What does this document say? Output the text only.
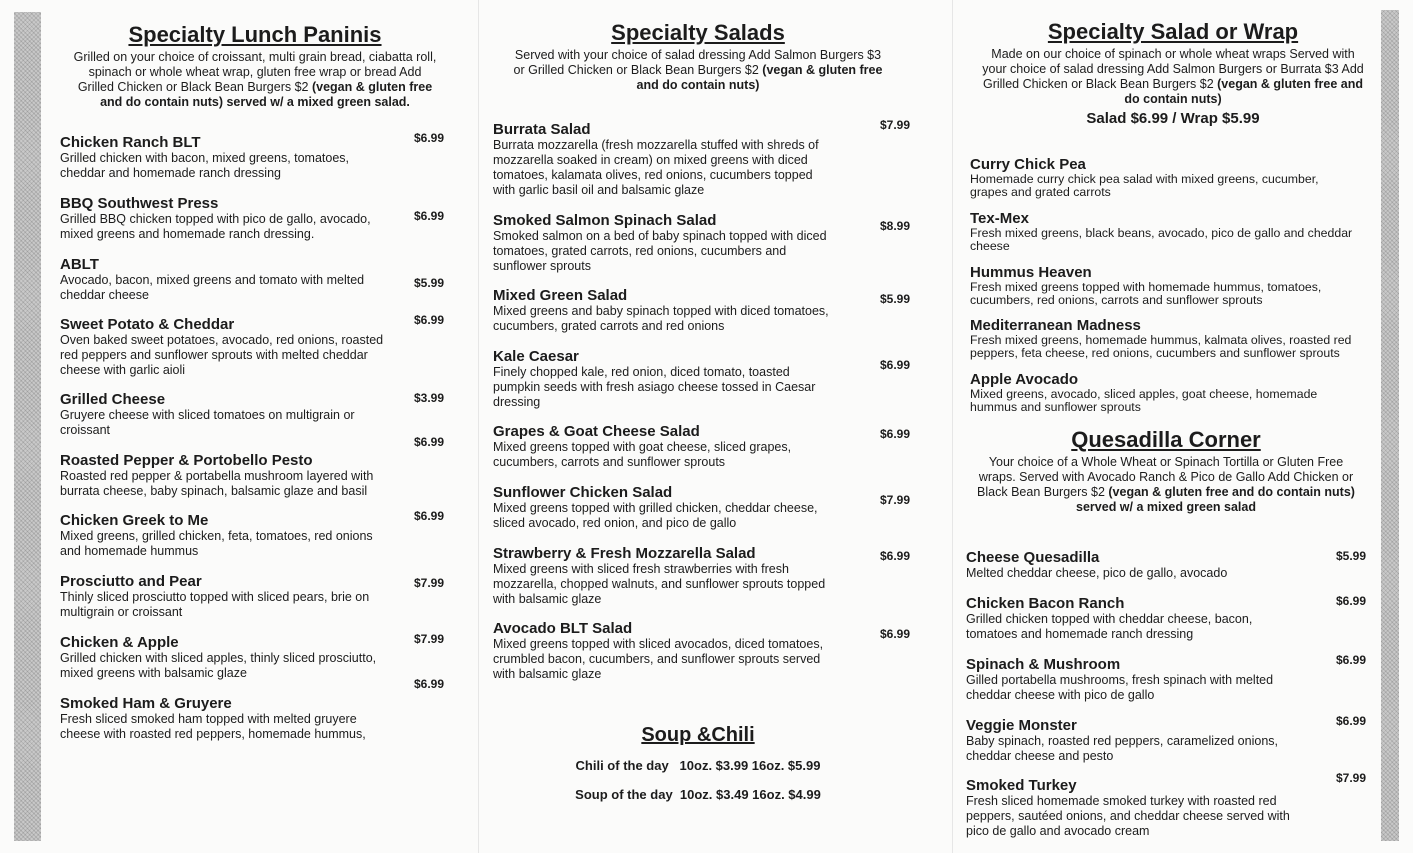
Specialty Lunch Paninis
Grilled on your choice of croissant, multi grain bread, ciabatta roll, spinach or whole wheat wrap, gluten free wrap or bread Add Grilled Chicken or Black Bean Burgers $2 (vegan & gluten free and do contain nuts) served w/ a mixed green salad.
Chicken Ranch BLT
Grilled chicken with bacon, mixed greens, tomatoes, cheddar and homemade ranch dressing
$6.99
BBQ Southwest Press
Grilled BBQ chicken topped with pico de gallo, avocado, mixed greens and homemade ranch dressing.
$6.99
ABLT
Avocado, bacon, mixed greens and tomato with melted cheddar cheese
$5.99
Sweet Potato & Cheddar
Oven baked sweet potatoes, avocado, red onions, roasted red peppers and sunflower sprouts with melted cheddar cheese with garlic aioli
$6.99
Grilled Cheese
Gruyere cheese with sliced tomatoes on multigrain or croissant
$3.99
Roasted Pepper & Portobello Pesto
Roasted red pepper & portabella mushroom layered with burrata cheese, baby spinach, balsamic glaze and basil
$6.99
Chicken Greek to Me
Mixed greens, grilled chicken, feta, tomatoes, red onions and homemade hummus
$6.99
Prosciutto and Pear
Thinly sliced prosciutto topped with sliced pears, brie on multigrain or croissant
$7.99
Chicken & Apple
Grilled chicken with sliced apples, thinly sliced prosciutto, mixed greens with balsamic glaze
$7.99
Smoked Ham & Gruyere
Fresh sliced smoked ham topped with melted gruyere cheese with roasted red peppers, homemade hummus,
$6.99
Specialty Salads
Served with your choice of salad dressing Add Salmon Burgers $3 or Grilled Chicken or Black Bean Burgers $2 (vegan & gluten free and do contain nuts)
Burrata Salad
Burrata mozzarella (fresh mozzarella stuffed with shreds of mozzarella soaked in cream) on mixed greens with diced tomatoes, kalamata olives, red onions, cucumbers topped with garlic basil oil and balsamic glaze
$7.99
Smoked Salmon Spinach Salad
Smoked salmon on a bed of baby spinach topped with diced tomatoes, grated carrots, red onions, cucumbers and sunflower sprouts
$8.99
Mixed Green Salad
Mixed greens and baby spinach topped with diced tomatoes, cucumbers, grated carrots and red onions
$5.99
Kale Caesar
Finely chopped kale, red onion, diced tomato, toasted pumpkin seeds with fresh asiago cheese tossed in Caesar dressing
$6.99
Grapes & Goat Cheese Salad
Mixed greens topped with goat cheese, sliced grapes, cucumbers, carrots and sunflower sprouts
$6.99
Sunflower Chicken Salad
Mixed greens topped with grilled chicken, cheddar cheese, sliced avocado, red onion, and pico de gallo
$7.99
Strawberry & Fresh Mozzarella Salad
Mixed greens with sliced fresh strawberries with fresh mozzarella, chopped walnuts, and sunflower sprouts topped with balsamic glaze
$6.99
Avocado BLT Salad
Mixed greens topped with sliced avocados, diced tomatoes, crumbled bacon, cucumbers, and sunflower sprouts served with balsamic glaze
$6.99
Soup &Chili
Chili of the day   10oz. $3.99 16oz. $5.99
Soup of the day  10oz. $3.49 16oz. $4.99
Specialty Salad or Wrap
Made on our choice of spinach or whole wheat wraps Served with your choice of salad dressing Add Salmon Burgers or Burrata $3 Add Grilled Chicken or Black Bean Burgers $2 (vegan & gluten free and do contain nuts)
Salad $6.99 / Wrap $5.99
Curry Chick Pea
Homemade curry chick pea salad with mixed greens, cucumber, grapes and grated carrots
Tex-Mex
Fresh mixed greens, black beans, avocado, pico de gallo and cheddar cheese
Hummus Heaven
Fresh mixed greens topped with homemade hummus, tomatoes, cucumbers, red onions, carrots and sunflower sprouts
Mediterranean Madness
Fresh mixed greens, homemade hummus, kalmata olives, roasted red peppers, feta cheese, red onions, cucumbers and sunflower sprouts
Apple Avocado
Mixed greens, avocado, sliced apples, goat cheese, homemade hummus and sunflower sprouts
Quesadilla Corner
Your choice of a Whole Wheat or Spinach Tortilla or Gluten Free wraps. Served with Avocado Ranch & Pico de Gallo Add Chicken or Black Bean Burgers $2 (vegan & gluten free and do contain nuts) served w/ a mixed green salad
Cheese Quesadilla
Melted cheddar cheese, pico de gallo, avocado
$5.99
Chicken Bacon Ranch
Grilled chicken topped with cheddar cheese, bacon, tomatoes and homemade ranch dressing
$6.99
Spinach & Mushroom
Gilled portabella mushrooms, fresh spinach with melted cheddar cheese with pico de gallo
$6.99
Veggie Monster
Baby spinach, roasted red peppers, caramelized onions, cheddar cheese and pesto
$6.99
Smoked Turkey
Fresh sliced homemade smoked turkey with roasted red peppers, sautéed onions, and cheddar cheese served with pico de gallo and avocado cream
$7.99
